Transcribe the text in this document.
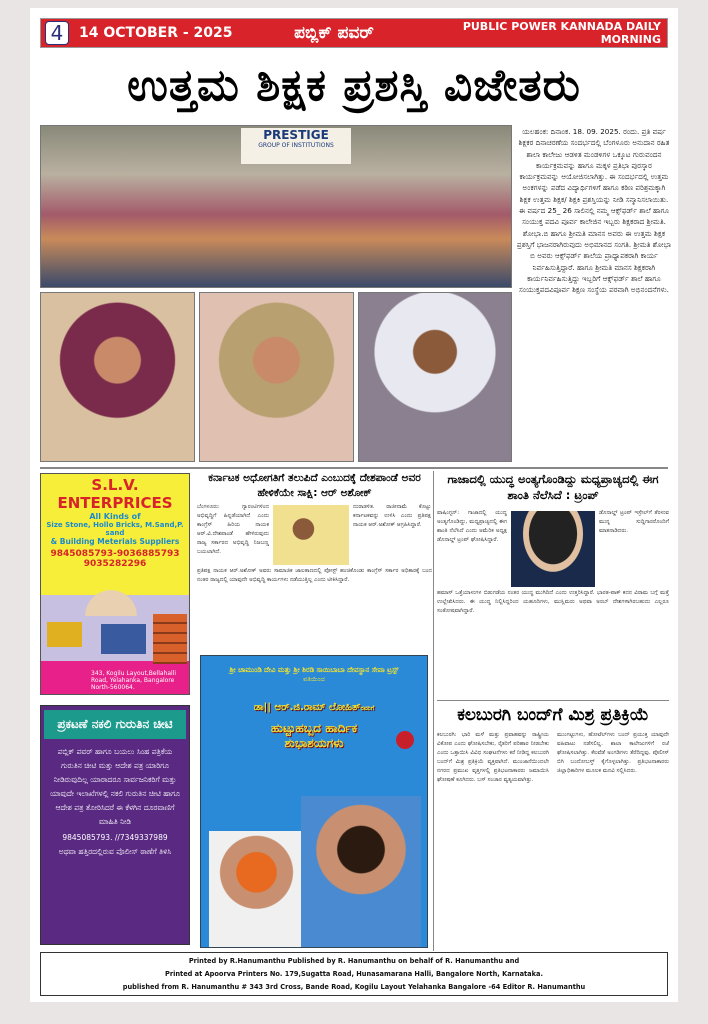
4	14 OCTOBER - 2025	ಪಬ್ಲಿಕ್ ಪವರ್	PUBLIC POWER KANNADA DAILY MORNING
ಉತ್ತಮ ಶಿಕ್ಷಕ ಪ್ರಶಸ್ತಿ ವಿಜೇತರು
PRESTIGE
GROUP OF INSTITUTIONS
ಯಲಹಂಕ: ದಿನಾಂಕ. 18. 09. 2025. ರಂದು. ಪ್ರತಿ ವರ್ಷ ಶಿಕ್ಷಕರ ದಿನಾಚರಣೆಯ ಸಂದರ್ಭದಲ್ಲಿ ಬೆಂಗಳೂರು ಅನುದಾನ ರಹಿತ ಶಾಲಾ ಕಾಲೇಜು ಆಡಳಿತ ಮಂಡಳಿಗಳ ಒಕ್ಕೂಟ ಗುರುವಂದನ ಕಾರ್ಯಕ್ರಮವನ್ನು ಹಾಗೂ ಮಕ್ಕಳ ಪ್ರತಿಭಾ ಪುರಸ್ಕಾರ ಕಾರ್ಯಕ್ರಮವನ್ನು ಆಯೋಜಿಸಲಾಗಿತ್ತು. ಈ ಸಂದರ್ಭದಲ್ಲಿ ಉತ್ತಮ ಅಂಕಗಳನ್ನು ಪಡೆದ ವಿದ್ಯಾರ್ಥಿಗಳಿಗೆ ಹಾಗೂ ಕಠಿಣ ಪರಿಶ್ರಮಕ್ಕಾಗಿ ಶಿಕ್ಷಕ ಉತ್ತಮ ಶಿಕ್ಷಕ/ ಶಿಕ್ಷಕಿ ಪ್ರಶಸ್ತಿಯನ್ನು ನೀಡಿ ಸನ್ಮಾನಿಸಲಾಯಿತು. ಈ ವರ್ಷದ 25_ 26 ಸಾಲಿನಲ್ಲಿ ನಮ್ಮ ಆಕ್ಸ್‌ಫರ್ಡ್ ಶಾಲೆ ಹಾಗೂ ಸಂಯುಕ್ತ ಪದವಿ ಪೂರ್ವ ಕಾಲೇಜಿನ ಇಬ್ಬರು ಶಿಕ್ಷಕರಾದ ಶ್ರೀಮತಿ. ಶೋಭಾ.ಬಿ ಹಾಗೂ ಶ್ರೀಮತಿ ಮಾನಸ ಅವರು ಈ ಉತ್ತಮ ಶಿಕ್ಷಕ ಪ್ರಶಸ್ತಿಗೆ ಭಾಜನರಾಗಿರುವುದು ಅಭಿಮಾನದ ಸಂಗತಿ. ಶ್ರೀಮತಿ ಶೋಭಾ ಬಿ ಅವರು ಆಕ್ಸ್‌ಫರ್ಡ್ ಶಾಲೆಯ ಪ್ರಾಧ್ಯಾಪಕರಾಗಿ ಕಾರ್ಯ ನಿರ್ವಹಿಸುತ್ತಿದ್ದಾರೆ. ಹಾಗೂ ಶ್ರೀಮತಿ ಮಾನಸ ಶಿಕ್ಷಕರಾಗಿ ಕಾರ್ಯನಿರ್ವಹಿಸುತ್ತಿದ್ದು ಇಬ್ಬರಿಗೆ ಆಕ್ಸ್‌ಫರ್ಡ್ ಶಾಲೆ ಹಾಗೂ ಸಂಯುಕ್ತಪದವಿಪೂರ್ವ ಶಿಕ್ಷಣ ಸಂಸ್ಥೆಯ ಪರವಾಗಿ ಅಭಿನಂದನೆಗಳು.
S.L.V. ENTERPRICES
All Kinds of
Size Stone, Hollo Bricks, M.Sand,P. sand
& Building Meterials Suppliers
9845085793-9036885793
9035282296
343, Kogilu Layout,Bellahalli Road, Yelahanka, Bangalore North-560064.
ಪ್ರಕಟಣೆ ನಕಲಿ ಗುರುತಿನ ಚೀಟಿ
ಪಬ್ಲಿಕ್ ಪವರ್ ಹಾಗೂ ಬಯಲು ಸಿಂಹ ಪತ್ರಿಕೆಯ ಗುರುತಿನ ಚೀಟಿ ಮತ್ತು ಆದೇಶ ಪತ್ರ ಯಾರಿಗೂ ನೀಡಿರುವುದಿಲ್ಲ ಯಾರಾದರೂ ಸಾರ್ವಜನಿಕರಿಗೆ ಮತ್ತು ಯಾವುದೇ ಇಲಾಖೆಗಳಲ್ಲಿ ನಕಲಿ ಗುರುತಿನ ಚೀಟಿ ಹಾಗೂ ಆದೇಶ ಪತ್ರ ತೋರಿಸಿದರೆ ಈ ಕೆಳಗಿನ ದೂರವಾಣಿಗೆ ಮಾಹಿತಿ ನೀಡಿ
9845085793. //7349337989
ಅಥವಾ ಹತ್ತಿರದಲ್ಲಿರುವ ಪೊಲೀಸ್ ಠಾಣೆಗೆ ತಿಳಿಸಿ
ಕರ್ನಾಟಕ ಅಧೋಗತಿಗೆ ತಲುಪಿದೆ ಎಂಬುದಕ್ಕೆ ದೇಶಪಾಂಡೆ ಅವರ ಹೇಳಿಕೆಯೇ ಸಾಕ್ಷಿ: ಆರ್ ಅಶೋಕ್
ಬೆಂಗಳೂರು: ಗ್ಯಾರಂಟಿಗಳಿಂದ ಅಭಿವೃದ್ಧಿಗೆ ಹಿನ್ನಡೆಯಾಗಿದೆ ಎಂದು ಕಾಂಗ್ರೆಸ್ ಹಿರಿಯ ನಾಯಕ ಆರ್.ವಿ.ದೇಶಪಾಂಡೆ ಹೇಳಿರುವುದು ರಾಜ್ಯ ಸರ್ಕಾರದ ಅಭಿವೃದ್ಧಿ ನಿಜಬಣ್ಣ ಬಯಲಾಗಿದೆ.
ದುರಾಡಳಿತ. ರಾಜೀನಾಮೆ ಕೊಟ್ಟು ಕರ್ನಾಟಕವನ್ನು ಉಳಿಸಿ ಎಂದು ಪ್ರತಿಪಕ್ಷ ನಾಯಕ ಆರ್.ಅಶೋಕ್ ಆಗ್ರಹಿಸಿದ್ದಾರೆ.
ಪ್ರತಿಪಕ್ಷ ನಾಯಕ ಆರ್.ಅಶೋಕ್ ಅವರು ಸಾಮಾಜಿಕ ಜಾಲತಾಣದಲ್ಲಿ ಪೋಸ್ಟ್ ಹಂಚಿಕೊಂಡು ಕಾಂಗ್ರೆಸ್ ಸರ್ಕಾರ ಅಧಿಕಾರಕ್ಕೆ ಬಂದ ನಂತರ ರಾಜ್ಯದಲ್ಲಿ ಯಾವುದೇ ಅಭಿವೃದ್ಧಿ ಕಾರ್ಯಗಳು ನಡೆಯುತ್ತಿಲ್ಲ ಎಂದು ಟೀಕಿಸಿದ್ದಾರೆ.
ಗಾಜಾದಲ್ಲಿ ಯುದ್ಧ ಅಂತ್ಯಗೊಂಡಿದ್ದು ಮಧ್ಯಪ್ರಾಚ್ಯದಲ್ಲಿ ಈಗ ಶಾಂತಿ ನೆಲೆಸಿದೆ : ಟ್ರಂಪ್
ವಾಷಿಂಗ್ಟನ್: ಗಾಜಾದಲ್ಲಿ ಯುದ್ಧ ಅಂತ್ಯಗೊಂಡಿದ್ದು, ಮಧ್ಯಪ್ರಾಚ್ಯದಲ್ಲಿ ಈಗ ಶಾಂತಿ ನೆಲೆಸಿದೆ ಎಂದು ಅಮೆರಿಕ ಅಧ್ಯಕ್ಷ ಡೊನಾಲ್ಡ್ ಟ್ರಂಪ್ ಘೋಷಿಸಿದ್ದಾರೆ.
ಡೊನಾಲ್ಡ್ ಟ್ರಂಪ್ ಇಸ್ರೇಲ್‌ಗೆ ತೆರಳುವ ಮುನ್ನ ಸುದ್ದಿಗಾರರೊಂದಿಗೆ ಮಾತನಾಡಿದರು.
ಹಮಾಸ್ ಒತ್ತೆಯಾಳುಗಳ ಬಿಡುಗಡೆಯ ನಂತರ ಯುದ್ಧ ಮುಗಿದಿದೆ ಎಂದು ಉತ್ತರಿಸಿದ್ದಾರೆ. ಭಾರತ-ಪಾಕ್ ಕದನ ವಿರಾಮ ಬಗ್ಗೆ ಮತ್ತೆ ಉಲ್ಲೇಖಿಸಿದರು. ಈ ಯುದ್ಧ ನಿಲ್ಲಿಸಿದ್ದರಿಂದ ಯಹೂದಿಗಳು, ಮುಸ್ಲಿಮರು ಅಥವಾ ಅರಬ್ ದೇಶಗಳಾಗಿರಬಹುದು ಎಲ್ಲರೂ ಸಂತೋಷವಾಗಿದ್ದಾರೆ.
ಕಲಬುರಗಿ ಬಂದ್‌ಗೆ ಮಿಶ್ರ ಪ್ರತಿಕ್ರಿಯೆ
ಕಲಬುರಗಿ: ಭಾರಿ ಮಳೆ ಮತ್ತು ಪ್ರವಾಹವನ್ನು ರಾಷ್ಟ್ರೀಯ ವಿಕೋಪ ಎಂದು ಘೋಷಿಸಬೇಕು, ರೈತರಿಗೆ ಪರಿಹಾರ ನೀಡಬೇಕು ಎಂದು ಒತ್ತಾಯಿಸಿ ವಿವಿಧ ಸಂಘಟನೆಗಳು ಕರೆ ನೀಡಿದ್ದ ಕಲಬುರಗಿ ಬಂದ್‌ಗೆ ಮಿಶ್ರ ಪ್ರತಿಕ್ರಿಯೆ ವ್ಯಕ್ತವಾಗಿದೆ. ಮುಂಜಾನೆಯಿಂದಲೇ ನಗರದ ಪ್ರಮುಖ ವೃತ್ತಗಳಲ್ಲಿ ಪ್ರತಿಭಟನಾಕಾರರು ಜಮಾಯಿಸಿ ಘೋಷಣೆ ಕೂಗಿದರು. ಬಸ್ ಸಂಚಾರ ವ್ಯತ್ಯಯವಾಗಿತ್ತು.
ಮುಂಗಟ್ಟುಗಳು, ಹೋಟೆಲ್‌ಗಳು ಬಂದ್ ಪ್ರಯುಕ್ತ ಯಾವುದೇ ವಹಿವಾಟು ನಡೆಸಲಿಲ್ಲ. ಶಾಲಾ ಕಾಲೇಜುಗಳಿಗೆ ರಜೆ ಘೋಷಿಸಲಾಗಿತ್ತು. ಕೆಲವೆಡೆ ಅಂಗಡಿಗಳು ತೆರೆದಿದ್ದವು. ಪೊಲೀಸ್ ಬಿಗಿ ಬಂದೋಬಸ್ತ್ ಕೈಗೊಳ್ಳಲಾಗಿತ್ತು. ಪ್ರತಿಭಟನಾಕಾರರು ಜಿಲ್ಲಾಧಿಕಾರಿಗಳ ಮೂಲಕ ಮನವಿ ಸಲ್ಲಿಸಿದರು.
ಶ್ರೀ ಚಾಮುಂಡಿ ದೇವಿ ಮತ್ತು ಶ್ರೀ ಶಿರಡಿ ಸಾಯಿಬಾಬಾ ದೇವಸ್ಥಾನ ಸೇವಾ ಟ್ರಸ್ಟ್
ವತಿಯಿಂದ
ಡಾ|| ಆರ್.ಜಿ.ರಾಮ್ ಲೋಹಿತ್ರವರಿಗೆ
ಹುಟ್ಟುಹಬ್ಬದ ಹಾರ್ದಿಕ
ಶುಭಾಶಯಗಳು
Printed by R.Hanumanthu Published by R. Hanumanthu on behalf of R. Hanumanthu and
Printed at Apoorva Printers No. 179,Sugatta Road, Hunasamarana Halli, Bangalore North, Karnataka.
published from R. Hanumanthu # 343 3rd Cross, Bande Road, Kogilu Layout Yelahanka Bangalore -64 Editor R. Hanumanthu
